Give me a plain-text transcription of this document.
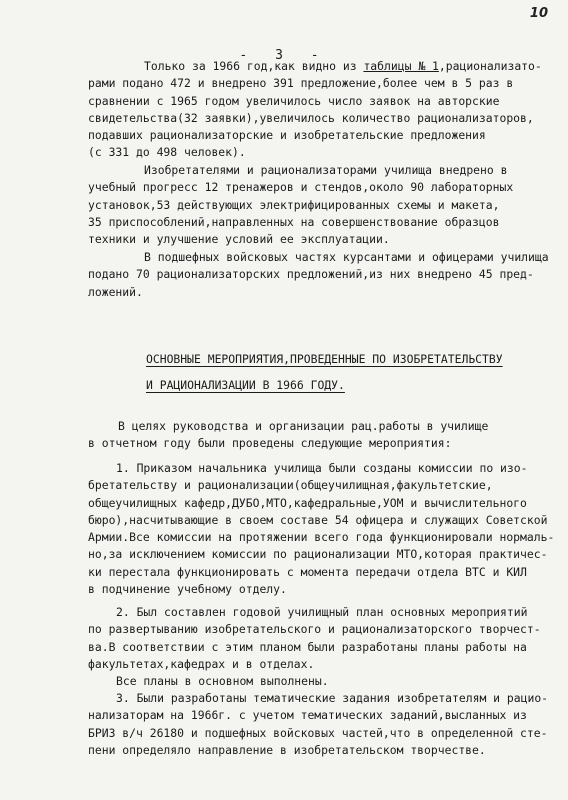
10
- 3 -
Только за 1966 год,как видно из таблицы № 1,рационализато-
рами подано 472 и внедрено 391 предложение,более чем в 5 раз в
сравнении с 1965 годом увеличилось число заявок на авторские
свидетельства(32 заявки),увеличилось количество рационализаторов,
подавших рационализаторские и изобретательские предложения
(с 331 до 498 человек).
Изобретателями и рационализаторами училища внедрено в
учебный прогресс 12 тренажеров и стендов,около 90 лабораторных
установок,53 действующих электрифицированных схемы и макета,
35 приспособлений,направленных на совершенствование образцов
техники и улучшение условий ее эксплуатации.
В подшефных войсковых частях курсантами и офицерами училища
подано 70 рационализаторских предложений,из них внедрено 45 пред-
ложений.
ОСНОВНЫЕ МЕРОПРИЯТИЯ,ПРОВЕДЕННЫЕ ПО ИЗОБРЕТАТЕЛЬСТВУ
И РАЦИОНАЛИЗАЦИИ В 1966 ГОДУ.
В целях руководства и организации рац.работы в училище
в отчетном году были проведены следующие мероприятия:
1. Приказом начальника училища были созданы комиссии по изо-
бретательству и рационализации(общеучилищная,факультетские,
общеучилищных кафедр,ДУБО,МТО,кафедральные,УОМ и вычислительного
бюро),насчитывающие в своем составе 54 офицера и служащих Советской
Армии.Все комиссии на протяжении всего года функционировали нормаль-
но,за исключением комиссии по рационализации МТО,которая практичес-
ки перестала функционировать с момента передачи отдела ВТС и КИЛ
в подчинение учебному отделу.
2. Был составлен годовой училищный план основных мероприятий
по развертыванию изобретательского и рационализаторского творчест-
ва.В соответствии с этим планом были разработаны планы работы на
факультетах,кафедрах и в отделах.
Все планы в основном выполнены.
3. Были разработаны тематические задания изобретателям и рацио-
нализаторам на 1966г. с учетом тематических заданий,высланных из
БРИЗ в/ч 26180 и подшефных войсковых частей,что в определенной сте-
пени определяло направление в изобретательском творчестве.
